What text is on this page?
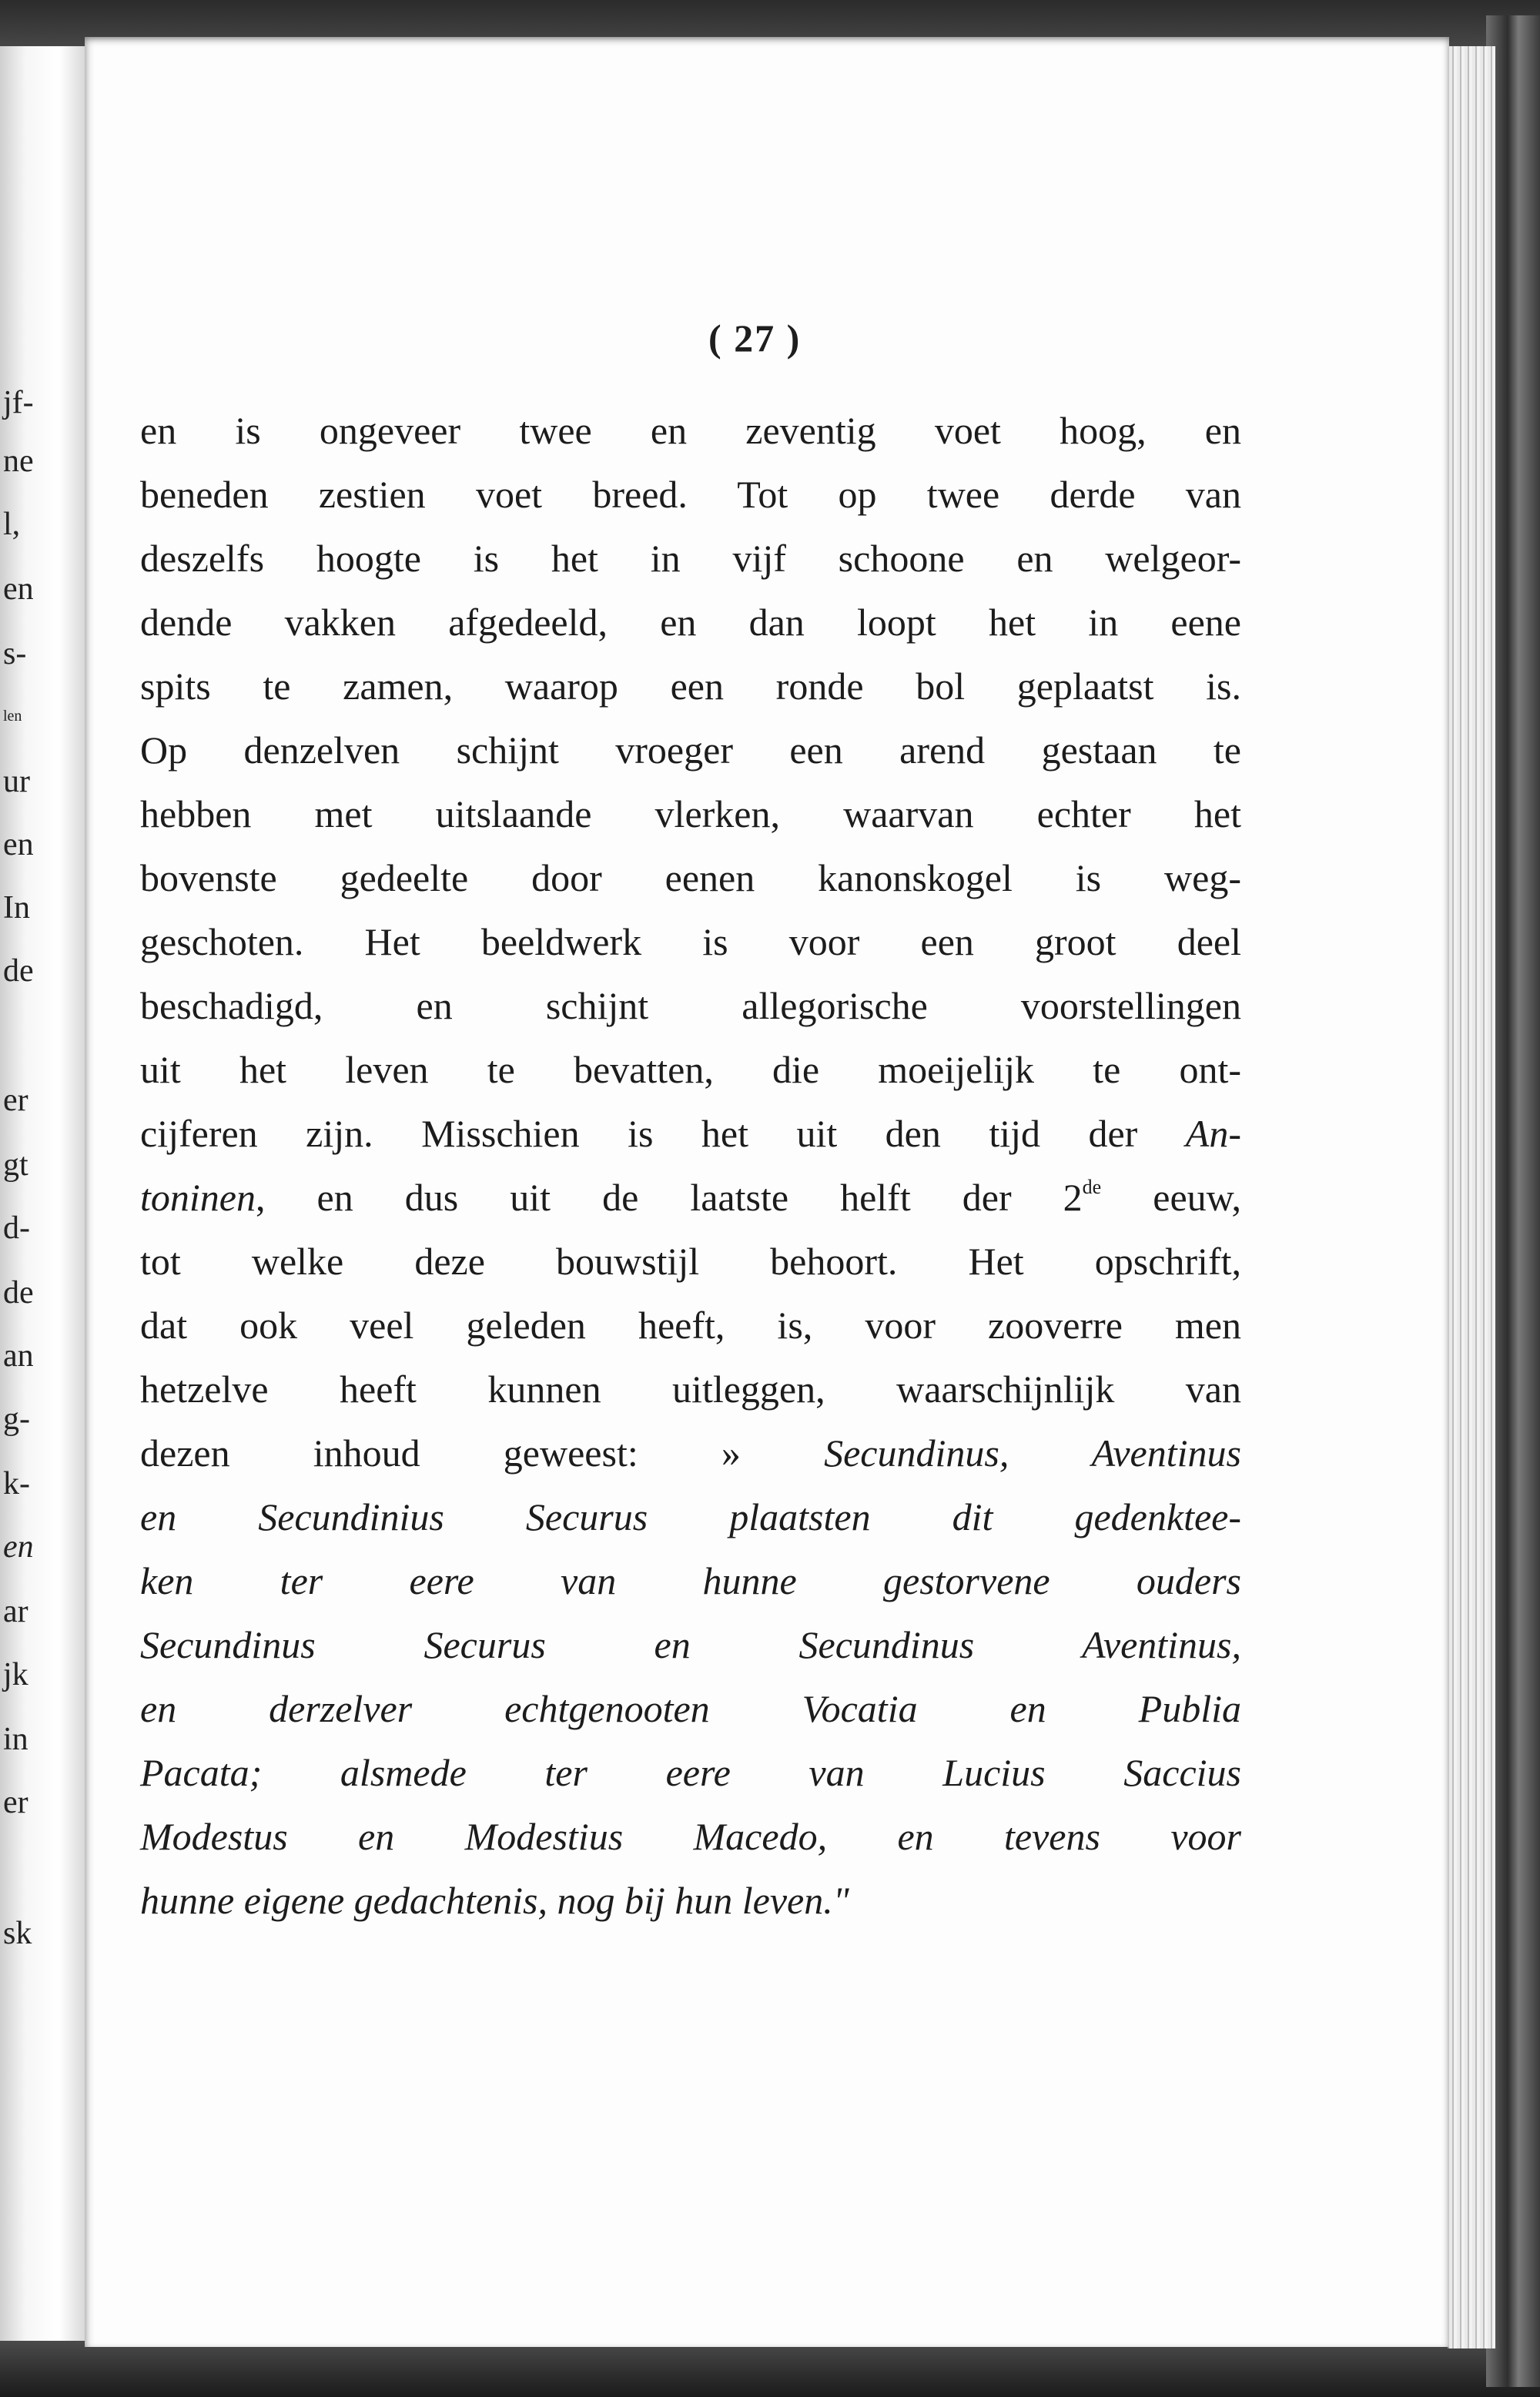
jf-
ne
l,
en
s-
len
ur
en
In
de
er
gt
d-
de
an
g-
k-
en
ar
jk
in
er
sk
( 27 )
en is ongeveer twee en zeventig voet hoog, en
beneden zestien voet breed. Tot op twee derde van
deszelfs hoogte is het in vijf schoone en welgeor-
dende vakken afgedeeld, en dan loopt het in eene
spits te zamen, waarop een ronde bol geplaatst is.
Op denzelven schijnt vroeger een arend gestaan te
hebben met uitslaande vlerken, waarvan echter het
bovenste gedeelte door eenen kanonskogel is weg-
geschoten. Het beeldwerk is voor een groot deel
beschadigd, en schijnt allegorische voorstellingen
uit het leven te bevatten, die moeijelijk te ont-
cijferen zijn. Misschien is het uit den tijd der An-
toninen, en dus uit de laatste helft der 2de eeuw,
tot welke deze bouwstijl behoort. Het opschrift,
dat ook veel geleden heeft, is, voor zooverre men
hetzelve heeft kunnen uitleggen, waarschijnlijk van
dezen inhoud geweest: » Secundinus, Aventinus
en Secundinius Securus plaatsten dit gedenktee-
ken ter eere van hunne gestorvene ouders
Secundinus Securus en Secundinus Aventinus,
en derzelver echtgenooten Vocatia en Publia
Pacata; alsmede ter eere van Lucius Saccius
Modestus en Modestius Macedo, en tevens voor
hunne eigene gedachtenis, nog bij hun leven."
